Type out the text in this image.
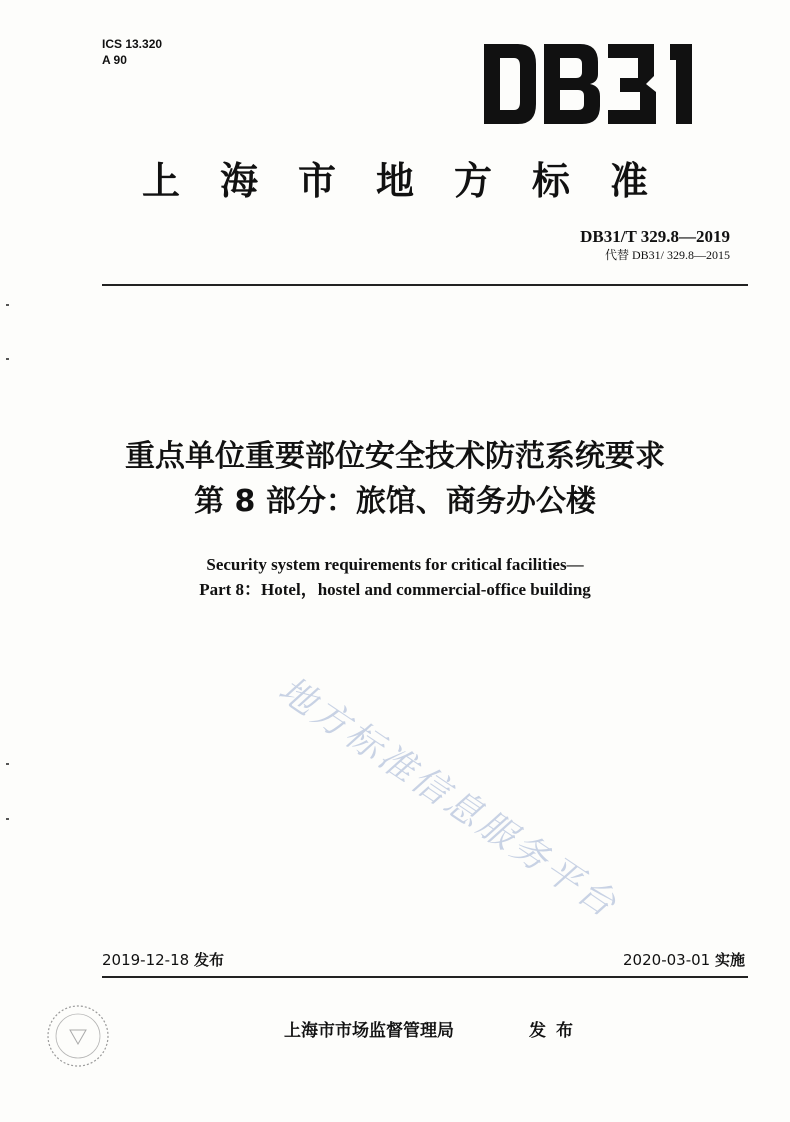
ICS 13.320
A 90
上海市地方标准
DB31/T 329.8—2019
代替 DB31/ 329.8—2015
重点单位重要部位安全技术防范系统要求
第 8 部分：旅馆、商务办公楼
Security system requirements for critical facilities—
Part 8：Hotel，hostel and commercial-office building
地方标准信息服务平台
2019-12-18 发布	2020-03-01 实施
上海市市场监督管理局	发布
